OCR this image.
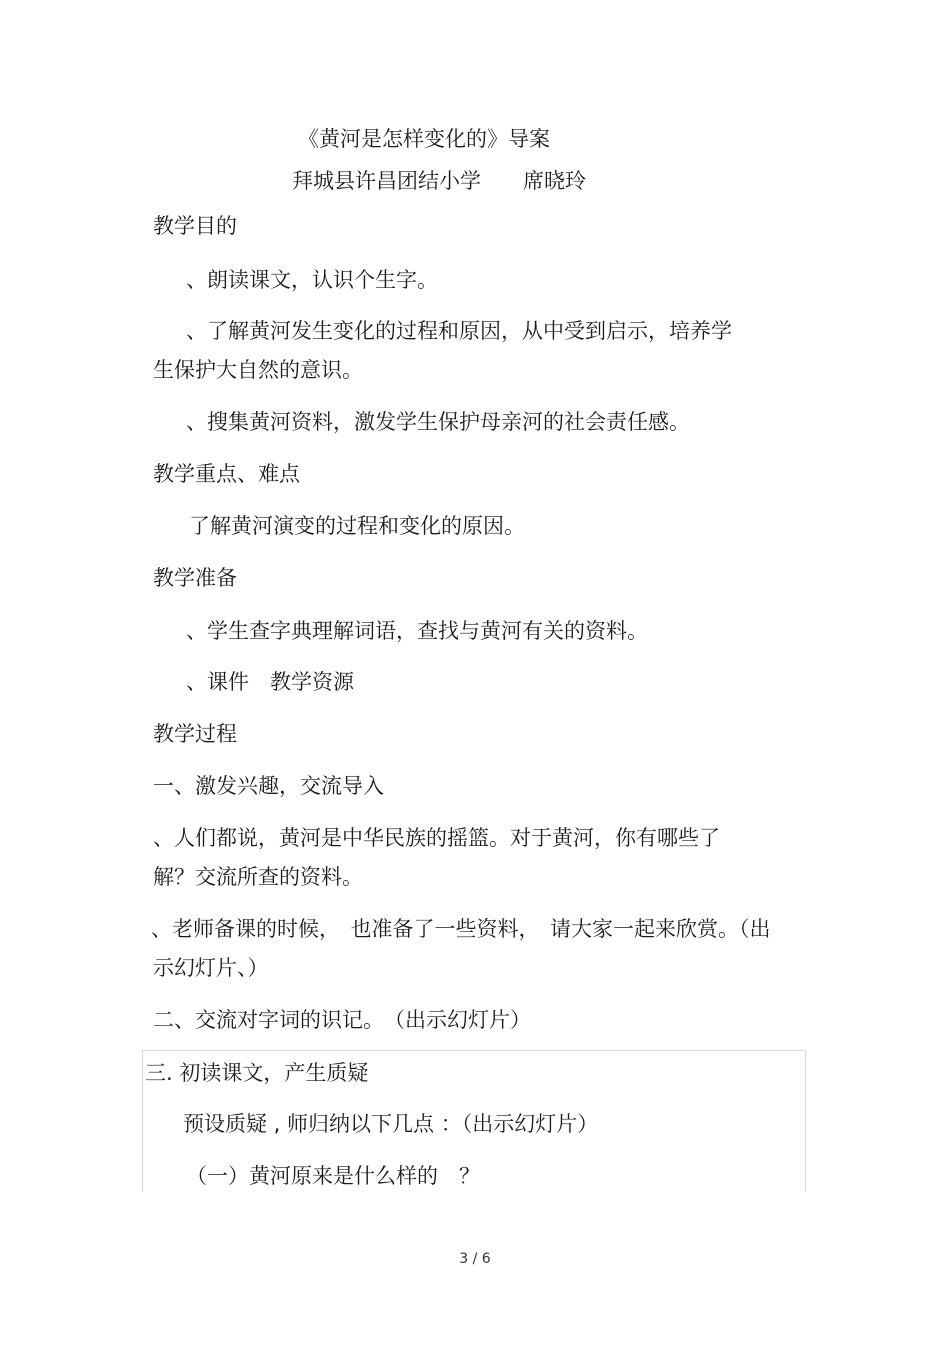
《黄河是怎样变化的》导案
拜城县许昌团结小学　　席晓玲
教学目的
、朗读课文，认识个生字。
、了解黄河发生变化的过程和原因，从中受到启示，培养学
生保护大自然的意识。
、搜集黄河资料，激发学生保护母亲河的社会责任感。
教学重点、难点
了解黄河演变的过程和变化的原因。
教学准备
、学生查字典理解词语，查找与黄河有关的资料。
、课件　教学资源
教学过程
一、激发兴趣，交流导入
、人们都说，黄河是中华民族的摇篮。对于黄河，你有哪些了
解？交流所查的资料。
、老师备课的时候，　也准备了一些资料，　请大家一起来欣赏。（出
示幻灯片、）
二、交流对字词的识记。　（出示幻灯片）
三. 初读课文，产生质疑
预设质疑 , 师归纳以下几点 ：（出示幻灯片）
（一）黄河原来是什么样的　？
3 / 6
